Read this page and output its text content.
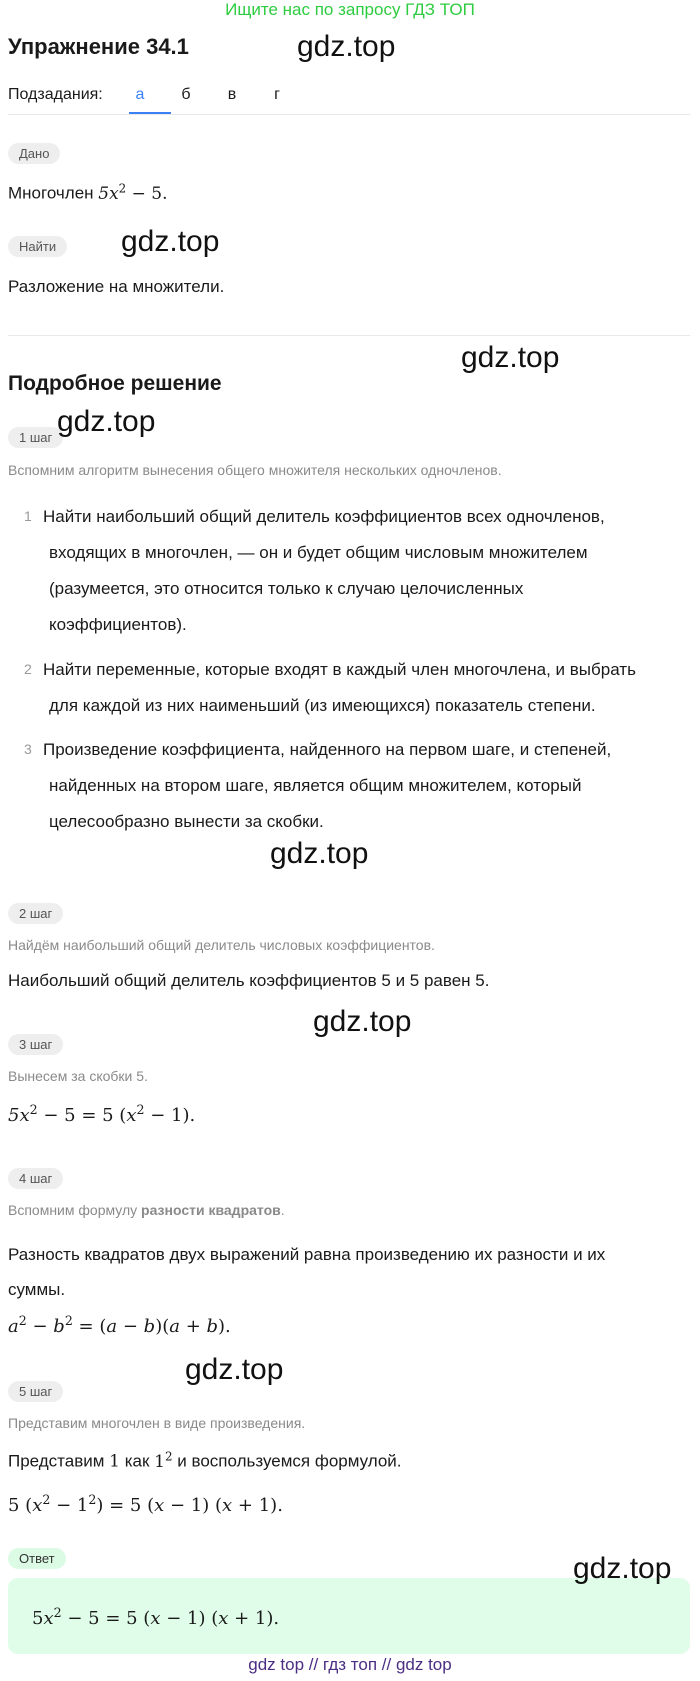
Ищите нас по запросу ГДЗ ТОП
Упражнение 34.1	gdz.top
Подзадания:	а	б	в	г
Дано
Многочлен $5x^2 - 5$.
Найти	gdz.top
Разложение на множители.
gdz.top
Подробное решение
1 шаг gdz.top
Вспомним алгоритм вынесения общего множителя нескольких одночленов.
1 Найти наибольший общий делитель коэффициентов всех одночленов,
входящих в многочлен, — он и будет общим числовым множителем
(разумеется, это относится только к случаю целочисленных
коэффициентов).
2 Найти переменные, которые входят в каждый член многочлена, и выбрать
для каждой из них наименьший (из имеющихся) показатель степени.
3 Произведение коэффициента, найденного на первом шаге, и степеней,
найденных на втором шаге, является общим множителем, который
целесообразно вынести за скобки.
gdz.top
2 шаг
Найдём наибольший общий делитель числовых коэффициентов.
Наибольший общий делитель коэффициентов 5 и 5 равен 5.
gdz.top
3 шаг
Вынесем за скобки 5.
$5x^2 - 5 = 5$ $(x^2 - 1)$.
4 шаг
Вспомним формулу разности квадратов.
Разность квадратов двух выражений равна произведению их разности и их
суммы.
$a^2 - b^2 = (a - b)(a + b)$.
gdz.top
5 шаг
Представим многочлен в виде произведения.
Представим 1 как $1^2$ и воспользуемся формулой.
5 $(x^2 - 1^2) = 5$ (x − 1) (x + 1).
Ответ	gdz.top
$5x^2 - 5 = 5$ (x − 1) (x + 1).
gdz top // гдз топ // gdz top
